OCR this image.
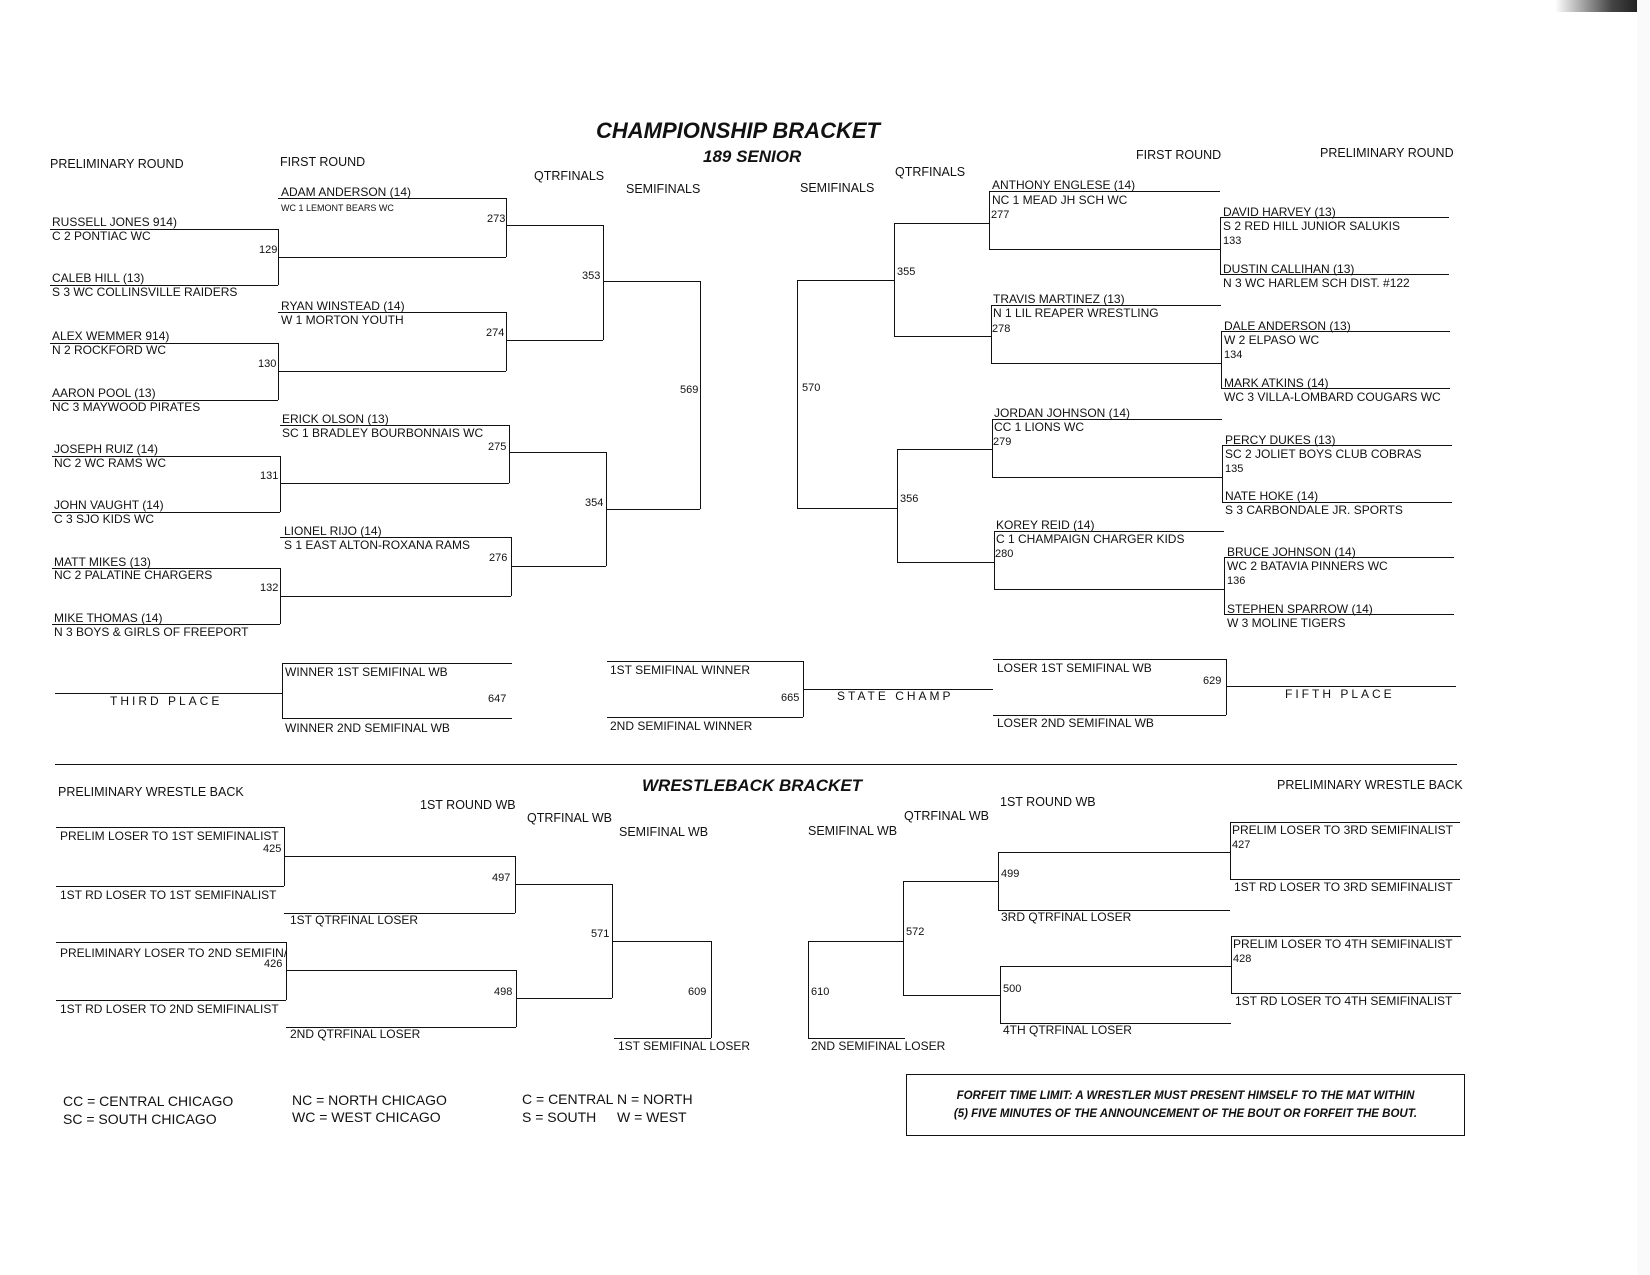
CHAMPIONSHIP BRACKET
189 SENIOR
WRESTLEBACK BRACKET
PRELIMINARY ROUND	FIRST ROUND
QTRFINALS
SEMIFINALS	SEMIFINALS
QTRFINALS
FIRST ROUND	PRELIMINARY ROUND
PRELIMINARY WRESTLE BACK
1ST ROUND WB
QTRFINAL WB
SEMIFINAL WB	SEMIFINAL WB
QTRFINAL WB
1ST ROUND WB
PRELIMINARY WRESTLE BACK
RUSSELL JONES 914)
C 2 PONTIAC WC
CALEB HILL (13)
S 3 WC COLLINSVILLE RAIDERS
129
ALEX WEMMER 914)
N 2 ROCKFORD WC
AARON POOL (13)
NC 3 MAYWOOD PIRATES
130
JOSEPH RUIZ (14)
NC 2 WC RAMS WC
JOHN VAUGHT (14)
C 3 SJO KIDS WC
131
MATT MIKES (13)
NC 2 PALATINE CHARGERS
MIKE THOMAS (14)
N 3 BOYS & GIRLS OF FREEPORT
132
ADAM ANDERSON (14)
WC 1 LEMONT BEARS WC
273
RYAN WINSTEAD (14)
W 1 MORTON YOUTH
274
ERICK OLSON (13)
SC 1 BRADLEY BOURBONNAIS WC
275
LIONEL RIJO (14)
S 1 EAST ALTON-ROXANA RAMS
276
353
354
569	570
355
356
ANTHONY ENGLESE (14)
NC 1 MEAD JH SCH WC
277
TRAVIS MARTINEZ (13)
N 1 LIL REAPER WRESTLING
278
JORDAN JOHNSON (14)
CC 1 LIONS WC
279
KOREY REID (14)
C 1 CHAMPAIGN CHARGER KIDS
280
DAVID HARVEY (13)
S 2 RED HILL JUNIOR SALUKIS
133
DUSTIN CALLIHAN (13)
N 3 WC HARLEM SCH DIST. #122
DALE ANDERSON (13)
W 2 ELPASO WC
134
MARK ATKINS (14)
WC 3 VILLA-LOMBARD COUGARS WC
PERCY DUKES (13)
SC 2 JOLIET BOYS CLUB COBRAS
135
NATE HOKE (14)
S 3 CARBONDALE JR. SPORTS
BRUCE JOHNSON (14)
WC 2 BATAVIA PINNERS WC
136
STEPHEN SPARROW (14)
W 3 MOLINE TIGERS
THIRD PLACE
WINNER 1ST SEMIFINAL WB
647
WINNER 2ND SEMIFINAL WB
1ST SEMIFINAL WINNER
665
2ND SEMIFINAL WINNER
STATE CHAMP
LOSER 1ST SEMIFINAL WB
629
LOSER 2ND SEMIFINAL WB
FIFTH PLACE
PRELIM LOSER TO 1ST SEMIFINALIST
425
1ST RD LOSER TO 1ST SEMIFINALIST
497
1ST QTRFINAL LOSER
PRELIMINARY LOSER TO 2ND SEMIFIN/
426
1ST RD LOSER TO 2ND SEMIFINALIST
498
2ND QTRFINAL LOSER
571
609
1ST SEMIFINAL LOSER
610
2ND SEMIFINAL LOSER
572
499
3RD QTRFINAL LOSER
500
4TH QTRFINAL LOSER
PRELIM LOSER TO 3RD SEMIFINALIST
427
1ST RD LOSER TO 3RD SEMIFINALIST
PRELIM LOSER TO 4TH SEMIFINALIST
428
1ST RD LOSER TO 4TH SEMIFINALIST
CC = CENTRAL CHICAGO
SC = SOUTH CHICAGO
NC = NORTH CHICAGO
WC = WEST CHICAGO
C = CENTRAL N = NORTH
S = SOUTH W = WEST
FORFEIT TIME LIMIT: A WRESTLER MUST PRESENT HIMSELF TO THE MAT WITHIN
(5) FIVE MINUTES OF THE ANNOUNCEMENT OF THE BOUT OR FORFEIT THE BOUT.
